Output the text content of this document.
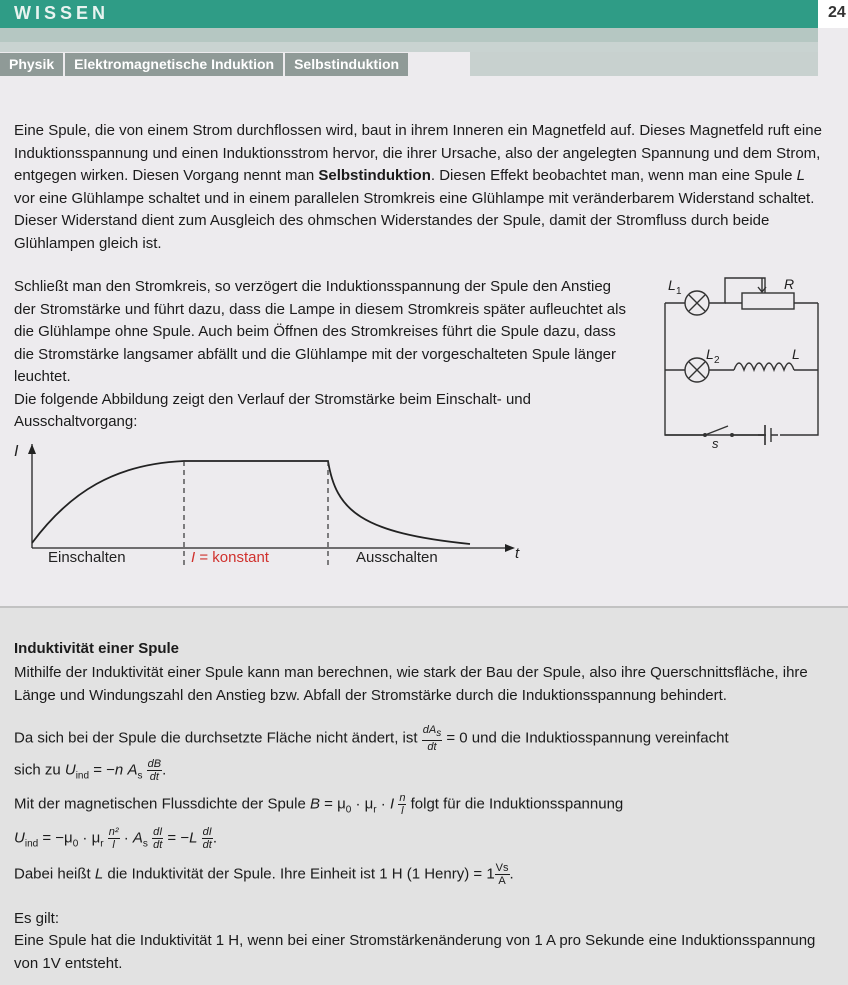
WISSEN	24
Physik	Elektromagnetische Induktion	Selbstinduktion
Eine Spule, die von einem Strom durchflossen wird, baut in ihrem Inneren ein Magnetfeld auf. Dieses Magnetfeld ruft eine Induktionsspannung und einen Induktionsstrom hervor, die ihrer Ursache, also der angelegten Spannung und dem Strom, entgegen wirken. Diesen Vorgang nennt man Selbstinduktion. Diesen Effekt beobachtet man, wenn man eine Spule L vor eine Glühlampe schaltet und in einem parallelen Stromkreis eine Glühlampe mit veränderbarem Widerstand schaltet. Dieser Widerstand dient zum Ausgleich des ohmschen Widerstandes der Spule, damit der Stromfluss durch beide Glühlampen gleich ist.
Schließt man den Stromkreis, so verzögert die Induktionsspannung der Spule den Anstieg der Stromstärke und führt dazu, dass die Lampe in diesem Stromkreis später aufleuchtet als die Glühlampe ohne Spule. Auch beim Öffnen des Stromkreises führt die Spule dazu, dass die Stromstärke langsamer abfällt und die Glühlampe mit der vorgeschalteten Spule länger leuchtet.
Die folgende Abbildung zeigt den Verlauf der Stromstärke beim Einschalt- und Ausschaltvorgang:
L 1	R
L 2	L
s
I
t
Einschalten	I = konstant	Ausschalten
Induktivität einer Spule
Mithilfe der Induktivität einer Spule kann man berechnen, wie stark der Bau der Spule, also ihre Querschnittsfläche, ihre Länge und Windungszahl den Anstieg bzw. Abfall der Stromstärke durch die Induktionsspannung behindert.
Da sich bei der Spule die durchsetzte Fläche nicht ändert, ist $\frac{dA_s}{dt} = 0$ und die Induktiosspannung vereinfacht
sich zu $U_{ind} = -n$ $A_s \frac{dB}{dt}$ .
Mit der magnetischen Flussdichte der Spule $B = \mu_0 \cdot \mu_r \cdot I \frac{n}{l}$ folgt für die Induktionsspannung
$U_{ind} = -\mu_0 \cdot \mu_r \frac{\text{n²}}{l} \cdot A_s \frac{dI}{dt} = -L \frac{dI}{dt}$ .
Dabei heißt L die Induktivität der Spule. Ihre Einheit ist 1 H (1 Henry) = $1 \frac{Vs}{A}$ .
Es gilt:
Eine Spule hat die Induktivität 1 H, wenn bei einer Stromstärkenänderung von 1 A pro Sekunde eine Induktionsspannung von 1V entsteht.
